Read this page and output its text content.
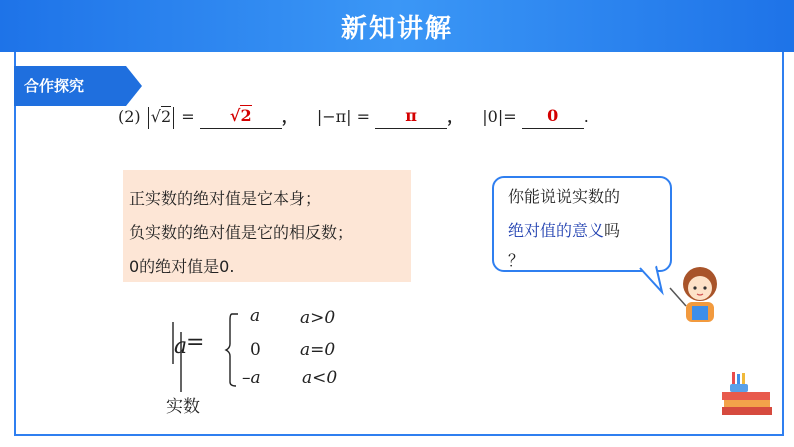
新知讲解
合作探究
(2) √2 = √2 ， |−π| = π ， |0|= 0 .
正实数的绝对值是它本身；
负实数的绝对值是它的相反数；
0的绝对值是0.
你能说说实数的
绝对值的意义吗
？
a
=
a a>0
0 a=0
–a a<0
实数
